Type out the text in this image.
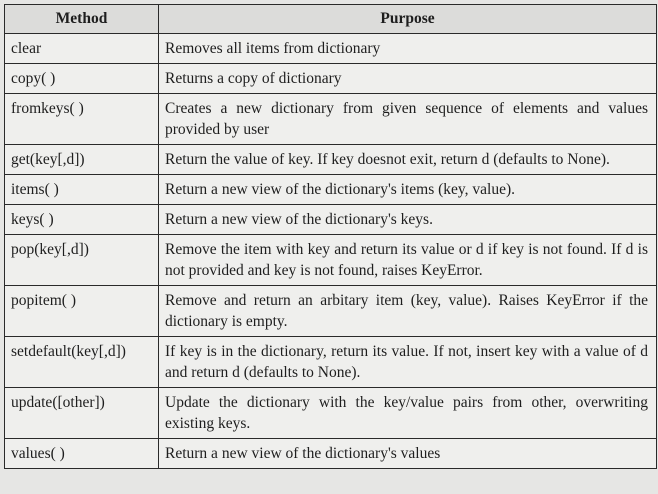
Method	Purpose
clear	Removes all items from dictionary
copy( )	Returns a copy of dictionary
fromkeys( )	Creates a new dictionary from given sequence of elements and values provided by user
get(key[,d])	Return the value of key. If key doesnot exit, return d (defaults to None).
items( )	Return a new view of the dictionary's items (key, value).
keys( )	Return a new view of the dictionary's keys.
pop(key[,d])	Remove the item with key and return its value or d if key is not found. If d is not provided and key is not found, raises KeyError.
popitem( )	Remove and return an arbitary item (key, value). Raises KeyError if the dictionary is empty.
setdefault(key[,d])	If key is in the dictionary, return its value. If not, insert key with a value of d and return d (defaults to None).
update([other])	Update the dictionary with the key/value pairs from other, overwriting existing keys.
values( )	Return a new view of the dictionary's values
